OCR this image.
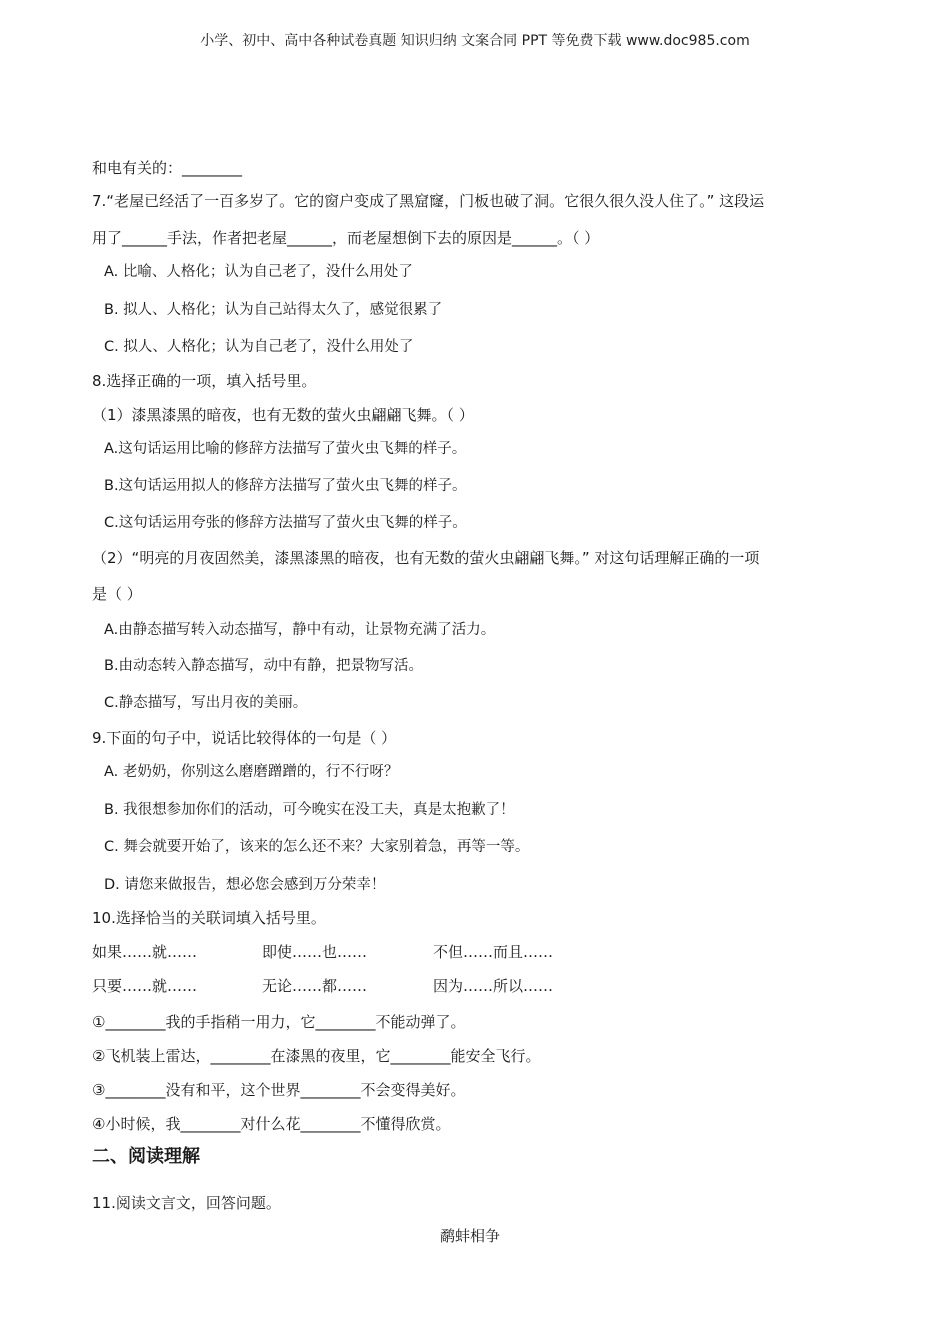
小学、初中、高中各种试卷真题 知识归纳 文案合同 PPT 等免费下载 www.doc985.com
和电有关的：________
7.“老屋已经活了一百多岁了。它的窗户变成了黑窟窿，门板也破了洞。它很久很久没人住了。” 这段运
用了______手法，作者把老屋______，而老屋想倒下去的原因是______。（ ）
A. 比喻、人格化；认为自己老了，没什么用处了
B. 拟人、人格化；认为自己站得太久了，感觉很累了
C. 拟人、人格化；认为自己老了，没什么用处了
8.选择正确的一项，填入括号里。
（1）漆黑漆黑的暗夜，也有无数的萤火虫翩翩飞舞。（ ）
A.这句话运用比喻的修辞方法描写了萤火虫飞舞的样子。
B.这句话运用拟人的修辞方法描写了萤火虫飞舞的样子。
C.这句话运用夸张的修辞方法描写了萤火虫飞舞的样子。
（2）“明亮的月夜固然美，漆黑漆黑的暗夜，也有无数的萤火虫翩翩飞舞。” 对这句话理解正确的一项
是（ ）
A.由静态描写转入动态描写，静中有动，让景物充满了活力。
B.由动态转入静态描写，动中有静，把景物写活。
C.静态描写，写出月夜的美丽。
9.下面的句子中，说话比较得体的一句是（ ）
A. 老奶奶，你别这么磨磨蹭蹭的，行不行呀？
B. 我很想参加你们的活动，可今晚实在没工夫，真是太抱歉了！
C. 舞会就要开始了，该来的怎么还不来？大家别着急，再等一等。
D. 请您来做报告，想必您会感到万分荣幸！
10.选择恰当的关联词填入括号里。
如果……就……	即使……也……	不但……而且……
只要……就……	无论……都……	因为……所以……
①________我的手指稍一用力，它________不能动弹了。
②飞机装上雷达，________在漆黑的夜里，它________能安全飞行。
③________没有和平，这个世界________不会变得美好。
④小时候，我________对什么花________不懂得欣赏。
二、阅读理解
11.阅读文言文，回答问题。
鹬蚌相争
